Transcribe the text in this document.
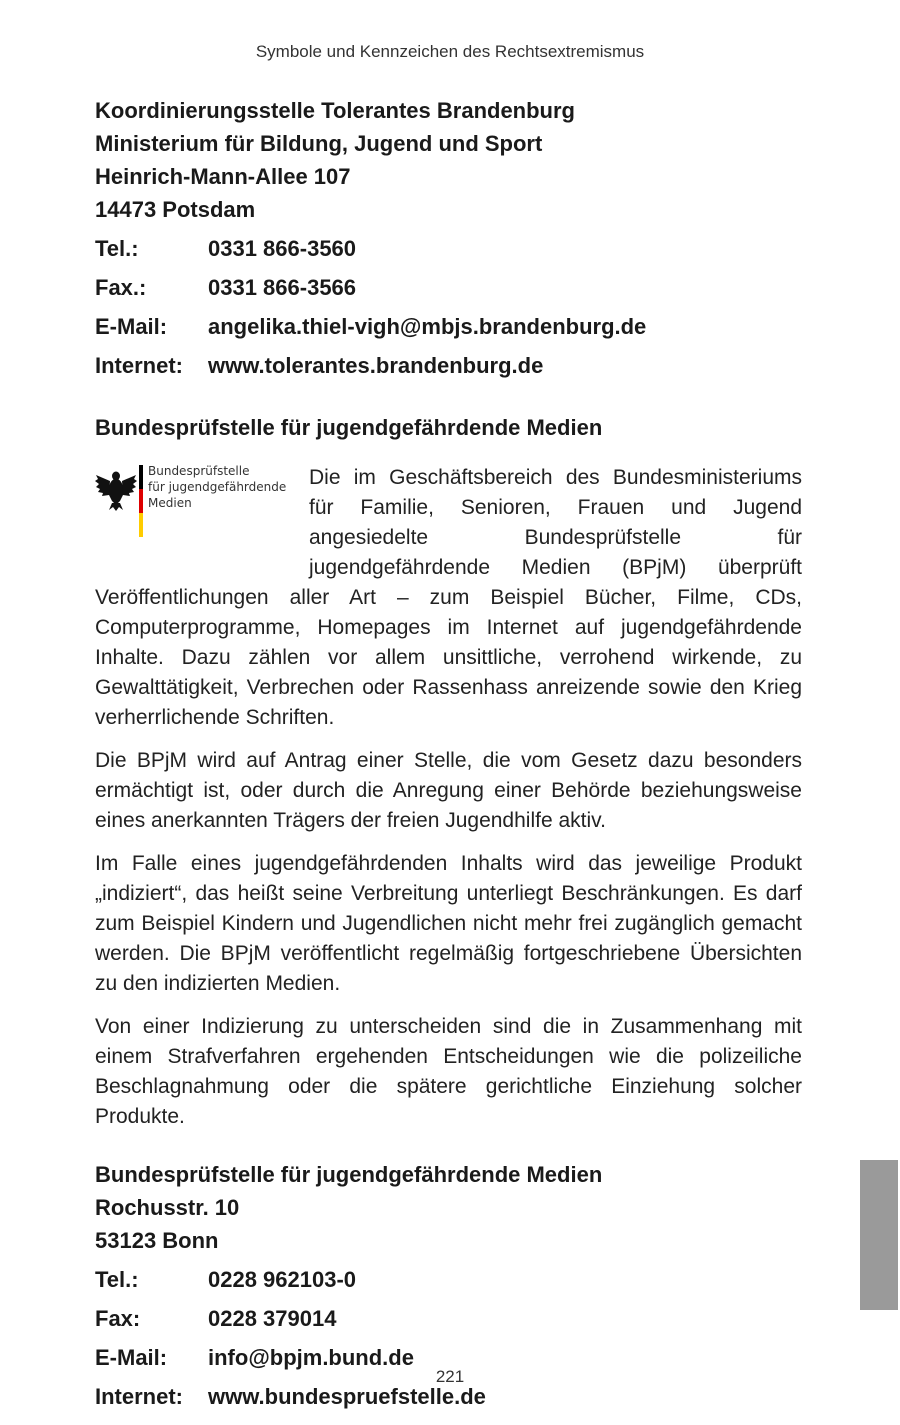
Symbole und Kennzeichen des Rechtsextremismus
Koordinierungsstelle Tolerantes Brandenburg
Ministerium für Bildung, Jugend und Sport
Heinrich-Mann-Allee 107
14473 Potsdam
Tel.:	0331 866-3560
Fax.:	0331 866-3566
E-Mail:	angelika.thiel-vigh@mbjs.brandenburg.de
Internet:	www.tolerantes.brandenburg.de
Bundesprüfstelle für jugendgefährdende Medien
Bundesprüfstelle
für jugendgefährdende
Medien

Die im Geschäftsbereich des Bundesministeriums für Familie, Senioren, Frauen und Jugend angesiedelte Bundesprüfstelle für jugendgefährdende Medien (BPjM) überprüft Veröffentlichungen aller Art – zum Beispiel Bücher, Filme, CDs, Computerprogramme, Homepages im Internet auf jugendgefährdende Inhalte. Dazu zählen vor allem unsittliche, verrohend wirkende, zu Gewalttätigkeit, Verbrechen oder Rassenhass anreizende sowie den Krieg verherrlichende Schriften.

Die BPjM wird auf Antrag einer Stelle, die vom Gesetz dazu besonders ermächtigt ist, oder durch die Anregung einer Behörde beziehungsweise eines anerkannten Trägers der freien Jugendhilfe aktiv.

Im Falle eines jugendgefährdenden Inhalts wird das jeweilige Produkt „indiziert“, das heißt seine Verbreitung unterliegt Beschränkungen. Es darf zum Beispiel Kindern und Jugendlichen nicht mehr frei zugänglich gemacht werden. Die BPjM veröffentlicht regelmäßig fortgeschriebene Übersichten zu den indizierten Medien.

Von einer Indizierung zu unterscheiden sind die in Zusammenhang mit einem Strafverfahren ergehenden Entscheidungen wie die polizeiliche Beschlagnahmung oder die spätere gerichtliche Einziehung solcher Produkte.

Bundesprüfstelle für jugendgefährdende Medien
Rochusstr. 10
53123 Bonn
Tel.:	0228 962103-0
Fax:	0228 379014
E-Mail:	info@bpjm.bund.de
Internet:	www.bundespruefstelle.de
221
